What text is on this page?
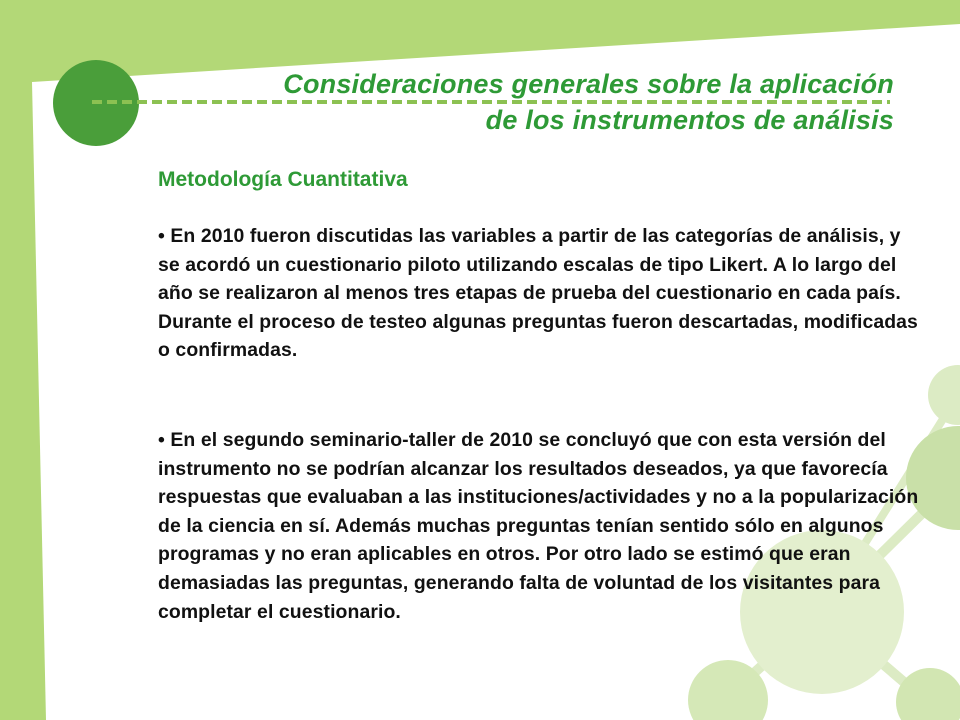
Consideraciones generales sobre la aplicación
de los instrumentos de análisis
Metodología Cuantitativa

• En 2010 fueron discutidas las variables a partir de las categorías de análisis, y se acordó un cuestionario piloto utilizando escalas de tipo Likert. A lo largo del año se realizaron al menos tres etapas de prueba del cuestionario en cada país. Durante el proceso de testeo algunas preguntas fueron descartadas, modificadas o confirmadas.

• En el segundo seminario-taller de 2010 se concluyó que con esta versión del instrumento no se podrían alcanzar los resultados deseados, ya que favorecía respuestas que evaluaban a las instituciones/actividades y no a la popularización de la ciencia en sí. Además muchas preguntas tenían sentido sólo en algunos programas y no eran aplicables en otros. Por otro lado se estimó que eran demasiadas las preguntas, generando falta de voluntad de los visitantes para completar el cuestionario.
